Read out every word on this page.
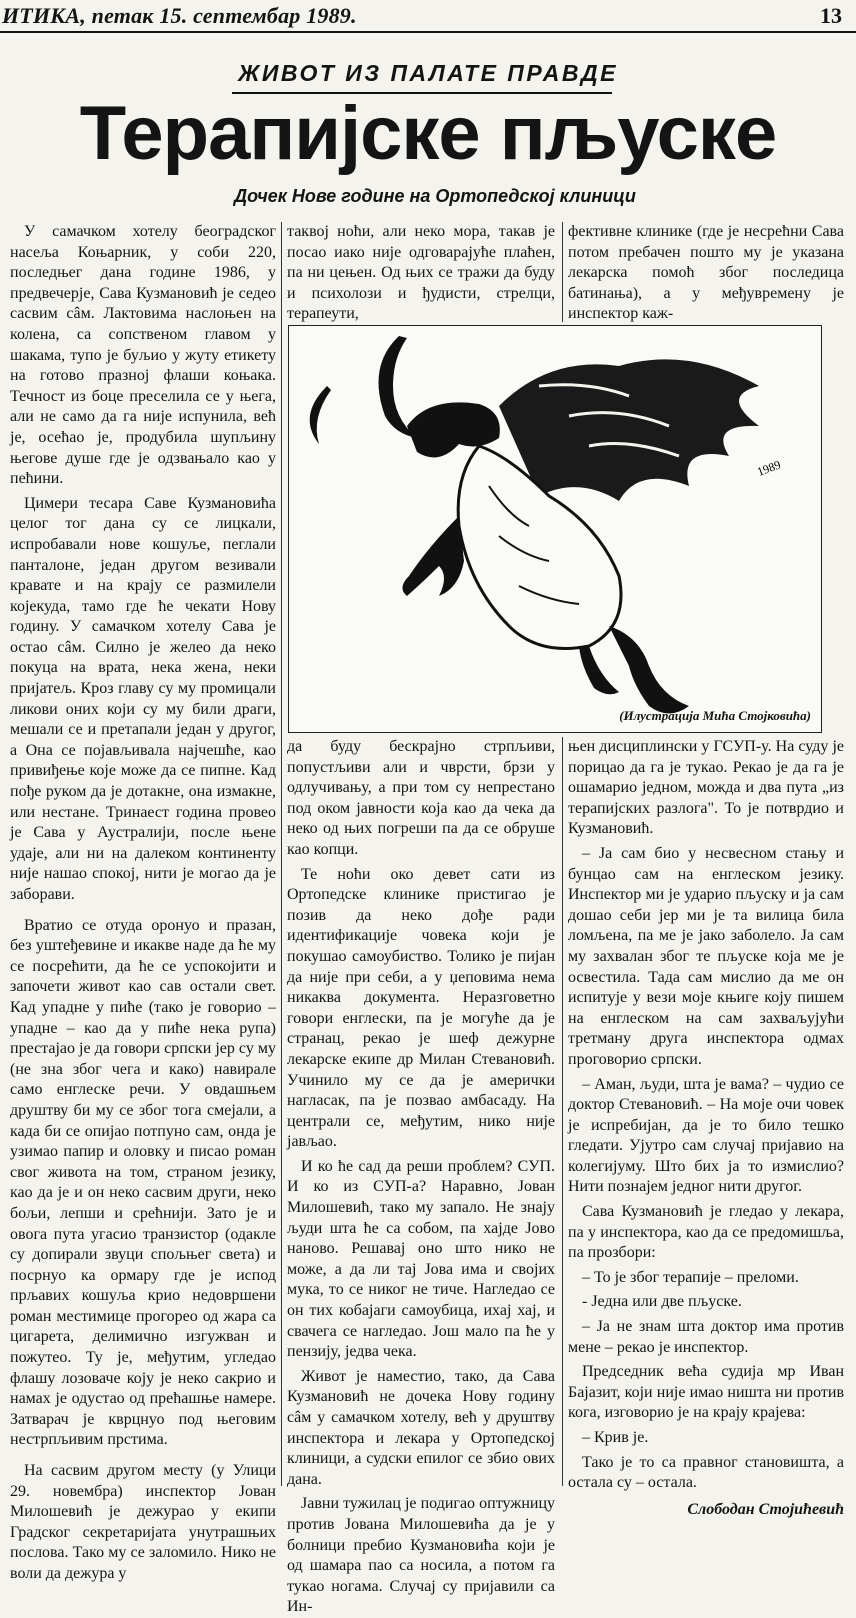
ИТИКА, петак 15. септембар 1989.	13
ЖИВОТ ИЗ ПАЛАТЕ ПРАВДЕ
Терапијске пљуске
Дочек Нове године на Ортопедској клиници

У самачком хотелу београдског насеља Коњарник, у соби 220, последњег дана године 1986, у предвечерје, Сава Кузмановић је седео сасвим сâм. Лактовима наслоњен на колена, са сопственом главом у шакама, тупо је буљио у жуту етикету на готово празној флаши коњака. Течност из боце преселила се у њега, али не само да га није испунила, већ је, осећао је, продубила шупљину његове душе где је одзвањало као у пећини.

Цимери тесара Саве Кузмановића целог тог дана су се лицкали, испробавали нове кошуље, пеглали панталоне, један другом везивали кравате и на крају се размилели којекуда, тамо где ће чекати Нову годину. У самачком хотелу Сава је остао сâм. Силно је желео да неко покуца на врата, нека жена, неки пријатељ. Кроз главу су му промицали ликови оних који су му били драги, мешали се и претапали један у другог, а Она се појављивала најчешће, као привиђење које може да се пипне. Кад пође руком да је дотакне, она измакне, или нестане. Тринаест година провео је Сава у Аустралији, после њене удаје, али ни на далеком континенту није нашао спокој, нити је могао да је заборави.

Вратио се отуда оронуо и празан, без уштеђевине и икакве наде да ће му се посрећити, да ће се успокојити и започети живот као сав остали свет. Кад упадне у пиће (тако је говорио – упадне – као да у пиће нека рупа) престајао је да говори српски јер су му (не зна због чега и како) навирале само енглеске речи. У овдашњем друштву би му се због тога смејали, а када би се опијао потпуно сам, онда је узимао папир и оловку и писао роман свог живота на том, страном језику, као да је и он неко сасвим други, неко бољи, лепши и срећнији. Зато је и овога пута угасио транзистор (одакле су допирали звуци спољњег света) и посрнуо ка ормару где је испод прљавих кошуља крио недовршени роман местимице прогорео од жара са цигарета, делимично изгужван и пожутео. Ту је, међутим, угледао флашу лозоваче коју је неко сакрио и намах је одустао од прећашње намере. Затварач је кврцнуо под његовим нестрпљивим прстима.

На сасвим другом месту (у Улици 29. новембра) инспектор Јован Милошевић је дежурао у екипи Градског секретаријата унутрашњих послова. Тако му се заломило. Нико не воли да дежура у

таквој ноћи, али неко мора, такав је посао иако није одговарајуће плаћен, па ни цењен. Од њих се тражи да буду и психолози и ђудисти, стрелци, терапеути,

фективне клинике (где је несрећни Сава потом пребачен пошто му је указана лекарска помоћ због последица батинања), а у међувремену је инспектор каж-

1989
(Илустрација Мића Стојковића)

да буду бескрајно стрпљиви, попустљиви али и чврсти, брзи у одлучивању, а при том су непрестано под оком јавности која као да чека да неко од њих погреши па да се обруше као копци.

Те ноћи око девет сати из Ортопедске клинике пристигао је позив да неко дође ради идентификације човека који је покушао самоубиство. Толико је пијан да није при себи, а у џеповима нема никаква документа. Неразговетно говори енглески, па је могуће да је странац, рекао је шеф дежурне лекарске екипе др Милан Стевановић. Учинило му се да је амерички нагласак, па је позвао амбасаду. На централи се, међутим, нико није јављао.

И ко ће сад да реши проблем? СУП. И ко из СУП-а? Наравно, Јован Милошевић, тако му запало. Не знају људи шта ће са собом, па хајде Јово наново. Решавај оно што нико не може, а да ли тај Јова има и својих мука, то се никог не тиче. Нагледао се он тих кобајаги самоубица, ихај хај, и свачега се нагледао. Још мало па ће у пензију, једва чека.

Живот је наместио, тако, да Сава Кузмановић не дочека Нову годину сâм у самачком хотелу, већ у друштву инспектора и лекара у Ортопедској клиници, а судски епилог се збио ових дана.

Јавни тужилац је подигао оптужницу против Јована Милошевића да је у болници пребио Кузмановића који је од шамара пао са носила, а потом га тукао ногама. Случај су пријавили са Ин-

њен дисциплински у ГСУП-у. На суду је порицао да га је тукао. Рекао је да га је ошамарио једном, можда и два пута „из терапијских разлога". То је потврдио и Кузмановић.

– Ја сам био у несвесном стању и бунцао сам на енглеском језику. Инспектор ми је ударио пљуску и ја сам дошао себи јер ми је та вилица била ломљена, па ме је јако заболело. Ја сам му захвалан због те пљуске која ме је освестила. Тада сам мислио да ме он испитује у вези моје књиге коју пишем на енглеском на сам захваљујући третману друга инспектора одмах проговорио српски.

– Аман, људи, шта је вама? – чудио се доктор Стевановић. – На моје очи човек је испребијан, да је то било тешко гледати. Ујутро сам случај пријавио на колегијуму. Што бих ја то измислио? Нити познајем једног нити другог.

Сава Кузмановић је гледао у лекара, па у инспектора, као да се предомишља, па прозбори:

– То је због терапије – преломи.

- Једна или две пљуске.

– Ја не знам шта доктор има против мене – рекао је инспектор.

Председник већа судија мр Иван Бајазит, који није имао ништа ни против кога, изговорио је на крају крајева:

– Крив је.

Тако је то са правног становишта, а остала су – остала.

Слободан Стојићевић
